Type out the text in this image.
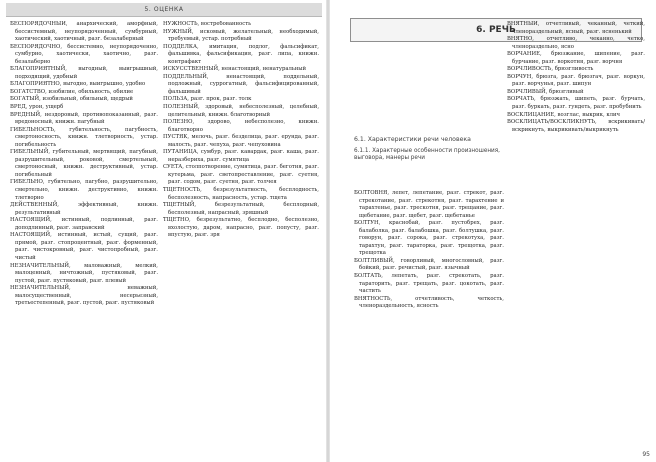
5. ОЦЕНКА

БЕСПОРЯДОЧНЫЙ, анархический, аморфный, бессистемный, неупорядоченный, сумбурный, хаотический, хаотичный, разг. безалаберный

БЕСПОРЯДОЧНО, бессистемно, неупорядоченно, сумбурно, хаотически, хаотично, разг. безалаберно

БЛАГОПРИЯТНЫЙ, выгодный, выигрышный, подходящий, удобный

БЛАГОПРИЯТНО, выгодно, выигрышно, удобно

БОГАТСТВО, изобилие, обильность, обилие

БОГАТЫЙ, изобильный, обильный, щедрый

ВРЕД, урон, ущерб

ВРЕДНЫЙ, нездоровый, противопоказанный, разг. вредоносный, книжн. пагубный

ГИБЕЛЬНОСТЬ, губительность, пагубность, смертоносность, книжн. тлетворность, устар. погибельность

ГИБЕЛЬНЫЙ, губительный, мертвящий, пагубный, разрушительный, роковой, смертельный, смертоносный, книжн. деструктивный, устар. погибельный

ГИБЕЛЬНО, губительно, пагубно, разрушительно, смертельно, книжн. деструктивно, книжн. тлетворно

ДЕЙСТВЕННЫЙ, эффективный, книжн. результативный

НАСТОЯЩИЙ, истинный, подлинный, разг. доподлинный, разг. заправский

НАСТОЯЩИЙ, истинный, истый, сущий, разг. прямой, разг. стопроцентный, разг. форменный, разг. чистокровный, разг. чистопробный, разг. чистый

НЕЗНАЧИТЕЛЬНЫЙ, маловажный, мелкий, малоценный, ничтожный, пустяковый, разг. пустой, разг. пустяковый, разг. плевый

НЕЗНАЧИТЕЛЬНЫЙ, неважный, малосущественный, несерьезный, третьестепенный, разг. пустой, разг. пустяковый

НУЖНОСТЬ, востребованность

НУЖНЫЙ, искомый, желательный, необходимый, требуемый, устар. потребный

ПОДДЕЛКА, имитация, подлог, фальсификат, фальшивка, фальсификация, разг. липа, книжн. контрафакт

ИСКУССТВЕННЫЙ, ненастоящий, ненатуральный

ПОДДЕЛЬНЫЙ, ненастоящий, поддельный, подложный, суррогатный, фальсифицированный, фальшивый

ПОЛЬЗА, разг. прок, разг. толк

ПОЛЕЗНЫЙ, здоровый, небесполезный, целебный, целительный, книжн. благотворный

ПОЛЕЗНО, здорово, небесполезно, книжн. благотворно

ПУСТЯК, мелочь, разг. безделица, разг. ерунда, разг. малость, разг. чепуха, разг. чепуховина

ПУТАНИЦА, сумбур, разг. кавардак, разг. каша, разг. неразбериха, разг. сумятица

СУЕТА, столпотворение, сумятица, разг. беготня, разг. кутерьма, разг. светопреставление, разг. суетня, разг. содом, разг. суетня, разг. толчея

ТЩЕТНОСТЬ, безрезультатность, бесплодность, бесполезность, напрасность, устар. тщета

ТЩЕТНЫЙ, безрезультатный, бесплодный, бесполезный, напрасный, зряшный

ТЩЕТНО, безрезультатно, бесплодно, бесполезно, вхолостую, даром, напрасно, разг. попусту, разг. впустую, разг. зря

6. РЕЧЬ
6.1. Характеристики речи человека
6.1.1. Характерные особенности произношения, выговора, манеры речи

БОЛТОВНЯ, лепет, лепетание, разг. стрекот, разг. стрекотание, разг. стрекотня, разг. тарахтение и тарахтенье, разг. трескотня, разг. трещание, разг. щебетание, разг. щебет, разг. щебетанье

БОЛТУН, краснобай, разг. пустобрех, разг. балаболка, разг. балабошка, разг. болтушка, разг. говорун, разг. сорока, разг. стрекотуха, разг. тарахтун, разг. тараторка, разг. трещотка, разг. трещотка

БОЛТЛИВЫЙ, говорливый, многословный, разг. бойкий, разг. речистый, разг. язычный

БОЛТАТЬ, лепетать, разг. стрекотать, разг. тараторить, разг. трещать, разг. цокотать, разг. частить

ВНЯТНОСТЬ, отчетливость, четкость, членораздельность, ясность

ВНЯТНЫЙ, отчетливый, чеканный, четкий, членораздельный, ясный, разг. ясненький

ВНЯТНО, отчетливо, чеканно, четко, членораздельно, ясно

ВОРЧАНИЕ, брюзжание, шипение, разг. бурчание, разг. воркотня, разг. ворчня

ВОРЧЛИВОСТЬ, брюзгливость

ВОРЧУН, брюзга, разг. брюзгач, разг. воркун, разг. ворчунья, разг. шипун

ВОРЧЛИВЫЙ, брюзгливый

ВОРЧАТЬ, брюзжать, шипеть, разг. бурчать, разг. буркать, разг. гундеть, разг. пробубнить

ВОСКЛИЦАНИЕ, возглас, выкрик, клич

ВОСКЛИЦАТЬ/ВОСКЛИКНУТЬ, вскрикивать/вскрикнуть, выкрикивать/выкрикнуть

95
